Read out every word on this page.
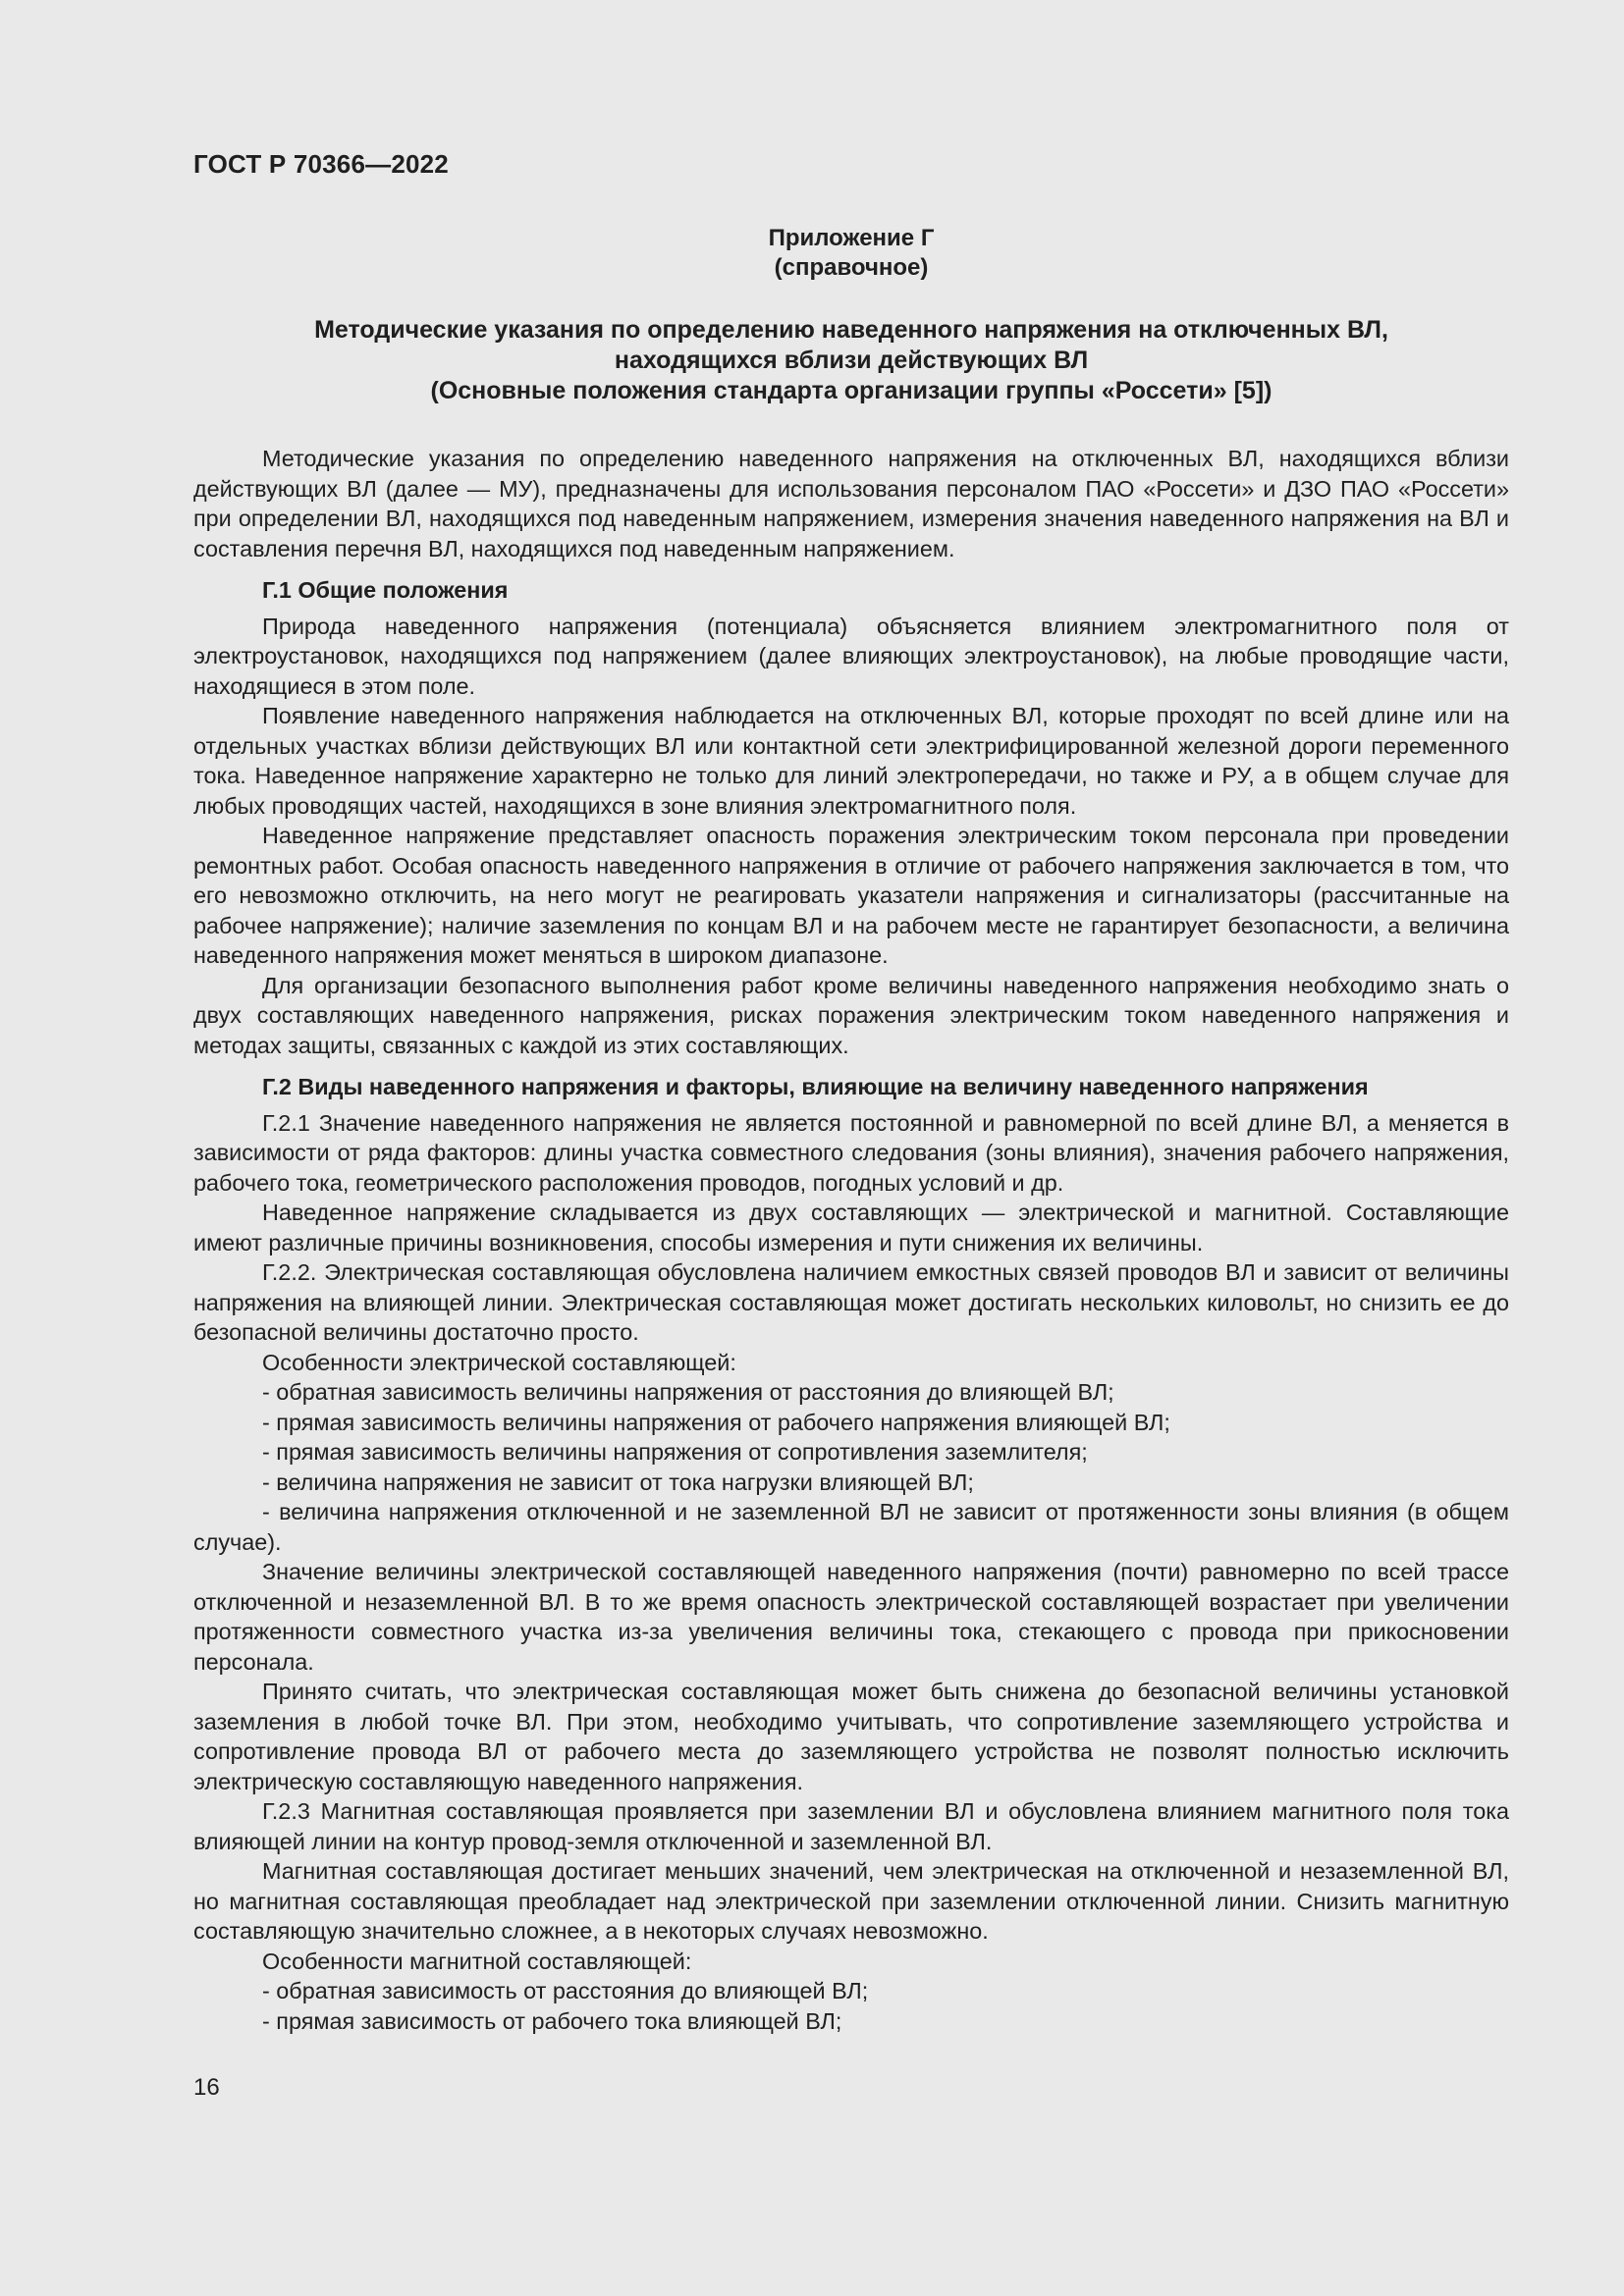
ГОСТ Р 70366—2022
Приложение Г
(справочное)
Методические указания по определению наведенного напряжения на отключенных ВЛ,
находящихся вблизи действующих ВЛ
(Основные положения стандарта организации группы «Россети» [5])

Методические указания по определению наведенного напряжения на отключенных ВЛ, находящихся вблизи действующих ВЛ (далее — МУ), предназначены для использования персоналом ПАО «Россети» и ДЗО ПАО «Россети» при определении ВЛ, находящихся под наведенным напряжением, измерения значения наведенного напряжения на ВЛ и составления перечня ВЛ, находящихся под наведенным напряжением.

Г.1 Общие положения

Природа наведенного напряжения (потенциала) объясняется влиянием электромагнитного поля от электроустановок, находящихся под напряжением (далее влияющих электроустановок), на любые проводящие части, находящиеся в этом поле.

Появление наведенного напряжения наблюдается на отключенных ВЛ, которые проходят по всей длине или на отдельных участках вблизи действующих ВЛ или контактной сети электрифицированной железной дороги переменного тока. Наведенное напряжение характерно не только для линий электропередачи, но также и РУ, а в общем случае для любых проводящих частей, находящихся в зоне влияния электромагнитного поля.

Наведенное напряжение представляет опасность поражения электрическим током персонала при проведении ремонтных работ. Особая опасность наведенного напряжения в отличие от рабочего напряжения заключается в том, что его невозможно отключить, на него могут не реагировать указатели напряжения и сигнализаторы (рассчитанные на рабочее напряжение); наличие заземления по концам ВЛ и на рабочем месте не гарантирует безопасности, а величина наведенного напряжения может меняться в широком диапазоне.

Для организации безопасного выполнения работ кроме величины наведенного напряжения необходимо знать о двух составляющих наведенного напряжения, рисках поражения электрическим током наведенного напряжения и методах защиты, связанных с каждой из этих составляющих.

Г.2 Виды наведенного напряжения и факторы, влияющие на величину наведенного напряжения

Г.2.1 Значение наведенного напряжения не является постоянной и равномерной по всей длине ВЛ, а меняется в зависимости от ряда факторов: длины участка совместного следования (зоны влияния), значения рабочего напряжения, рабочего тока, геометрического расположения проводов, погодных условий и др.

Наведенное напряжение складывается из двух составляющих — электрической и магнитной. Составляющие имеют различные причины возникновения, способы измерения и пути снижения их величины.

Г.2.2. Электрическая составляющая обусловлена наличием емкостных связей проводов ВЛ и зависит от величины напряжения на влияющей линии. Электрическая составляющая может достигать нескольких киловольт, но снизить ее до безопасной величины достаточно просто.

Особенности электрической составляющей:

- обратная зависимость величины напряжения от расстояния до влияющей ВЛ;

- прямая зависимость величины напряжения от рабочего напряжения влияющей ВЛ;

- прямая зависимость величины напряжения от сопротивления заземлителя;

- величина напряжения не зависит от тока нагрузки влияющей ВЛ;

- величина напряжения отключенной и не заземленной ВЛ не зависит от протяженности зоны влияния (в общем случае).

Значение величины электрической составляющей наведенного напряжения (почти) равномерно по всей трассе отключенной и незаземленной ВЛ. В то же время опасность электрической составляющей возрастает при увеличении протяженности совместного участка из-за увеличения величины тока, стекающего с провода при прикосновении персонала.

Принято считать, что электрическая составляющая может быть снижена до безопасной величины установкой заземления в любой точке ВЛ. При этом, необходимо учитывать, что сопротивление заземляющего устройства и сопротивление провода ВЛ от рабочего места до заземляющего устройства не позволят полностью исключить электрическую составляющую наведенного напряжения.

Г.2.3 Магнитная составляющая проявляется при заземлении ВЛ и обусловлена влиянием магнитного поля тока влияющей линии на контур провод-земля отключенной и заземленной ВЛ.

Магнитная составляющая достигает меньших значений, чем электрическая на отключенной и незаземленной ВЛ, но магнитная составляющая преобладает над электрической при заземлении отключенной линии. Снизить магнитную составляющую значительно сложнее, а в некоторых случаях невозможно.

Особенности магнитной составляющей:

- обратная зависимость от расстояния до влияющей ВЛ;

- прямая зависимость от рабочего тока влияющей ВЛ;

16
